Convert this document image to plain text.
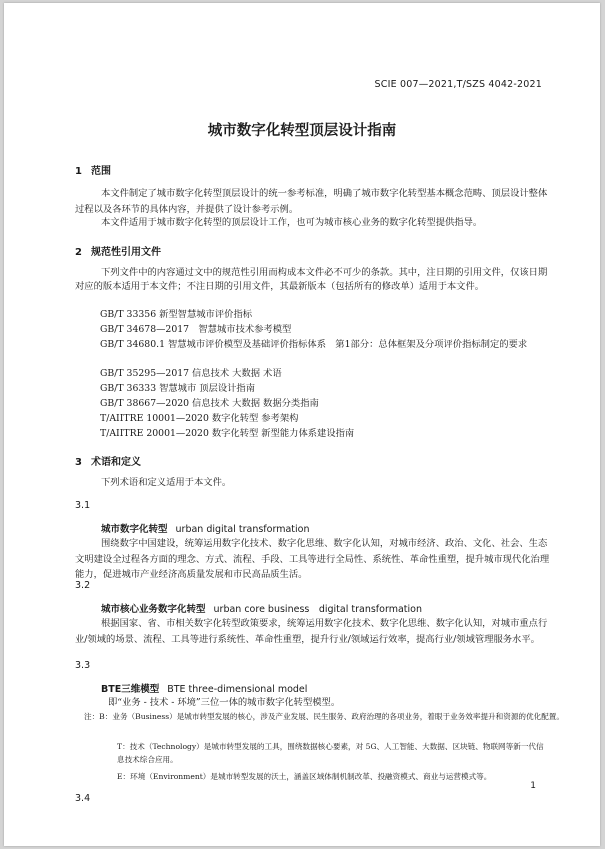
SCIE 007—2021,T/SZS 4042-2021
城市数字化转型顶层设计指南
1 范围
本文件制定了城市数字化转型顶层设计的统一参考标准，明确了城市数字化转型基本概念范畴、顶层设计整体过程以及各环节的具体内容，并提供了设计参考示例。
本文件适用于城市数字化转型的顶层设计工作，也可为城市核心业务的数字化转型提供指导。
2 规范性引用文件
下列文件中的内容通过文中的规范性引用而构成本文件必不可少的条款。其中，注日期的引用文件，仅该日期对应的版本适用于本文件；不注日期的引用文件，其最新版本（包括所有的修改单）适用于本文件。
GB/T 33356 新型智慧城市评价指标
GB/T 34678—2017　智慧城市技术参考模型
GB/T 34680.1 智慧城市评价模型及基础评价指标体系　第1部分：总体框架及分项评价指标制定的要求
GB/T 35295—2017 信息技术 大数据 术语
GB/T 36333 智慧城市 顶层设计指南
GB/T 38667—2020 信息技术 大数据 数据分类指南
T/AIITRE 10001—2020 数字化转型 参考架构
T/AIITRE 20001—2020 数字化转型 新型能力体系建设指南
3 术语和定义
下列术语和定义适用于本文件。
3.1
城市数字化转型 urban digital transformation
围绕数字中国建设，统筹运用数字化技术、数字化思维、数字化认知，对城市经济、政治、文化、社会、生态文明建设全过程各方面的理念、方式、流程、手段、工具等进行全局性、系统性、革命性重塑，提升城市现代化治理能力，促进城市产业经济高质量发展和市民高品质生活。
3.2
城市核心业务数字化转型 urban core business　digital transformation
根据国家、省、市相关数字化转型政策要求，统筹运用数字化技术、数字化思维、数字化认知，对城市重点行业/领域的场景、流程、工具等进行系统性、革命性重塑，提升行业/领域运行效率，提高行业/领域管理服务水平。
3.3
BTE三维模型 BTE three-dimensional model
即“业务 - 技术 - 环境”三位一体的城市数字化转型模型。
注：B：业务（Business）是城市转型发展的核心，涉及产业发展、民生服务、政府治理的各项业务，着眼于业务效率提升和资源的优化配置。
T：技术（Technology）是城市转型发展的工具，围绕数据核心要素，对 5G、人工智能、大数据、区块链、物联网等新一代信息技术综合应用。
E：环境（Environment）是城市转型发展的沃土，涵盖区域体制机制改革、投融资模式、商业与运营模式等。
3.4
1
